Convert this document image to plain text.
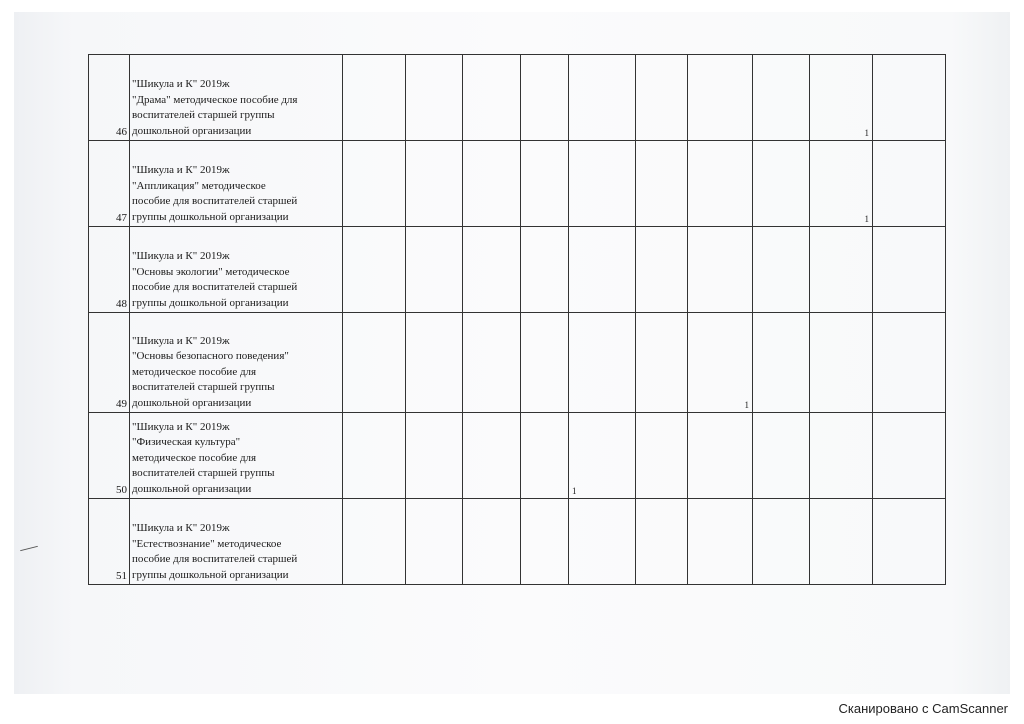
46	"Шикула и К" 2019ж
"Драма" методическое пособие для
воспитателей старшей группы
дошкольной организации									1	

47	"Шикула и К" 2019ж
"Аппликация" методическое
пособие для воспитателей старшей
группы дошкольной организации									1	

48	"Шикула и К" 2019ж
"Основы экологии" методическое
пособие для воспитателей старшей
группы дошкольной организации										

49	"Шикула и К" 2019ж
"Основы безопасного поведения"
методическое пособие для
воспитателей старшей группы
дошкольной организации							1			

50	"Шикула и К" 2019ж
"Физическая культура"
методическое пособие для
воспитателей старшей группы
дошкольной организации					1					

51	"Шикула и К" 2019ж
"Естествознание" методическое
пособие для воспитателей старшей
группы дошкольной организации										

Сканировано с CamScanner
